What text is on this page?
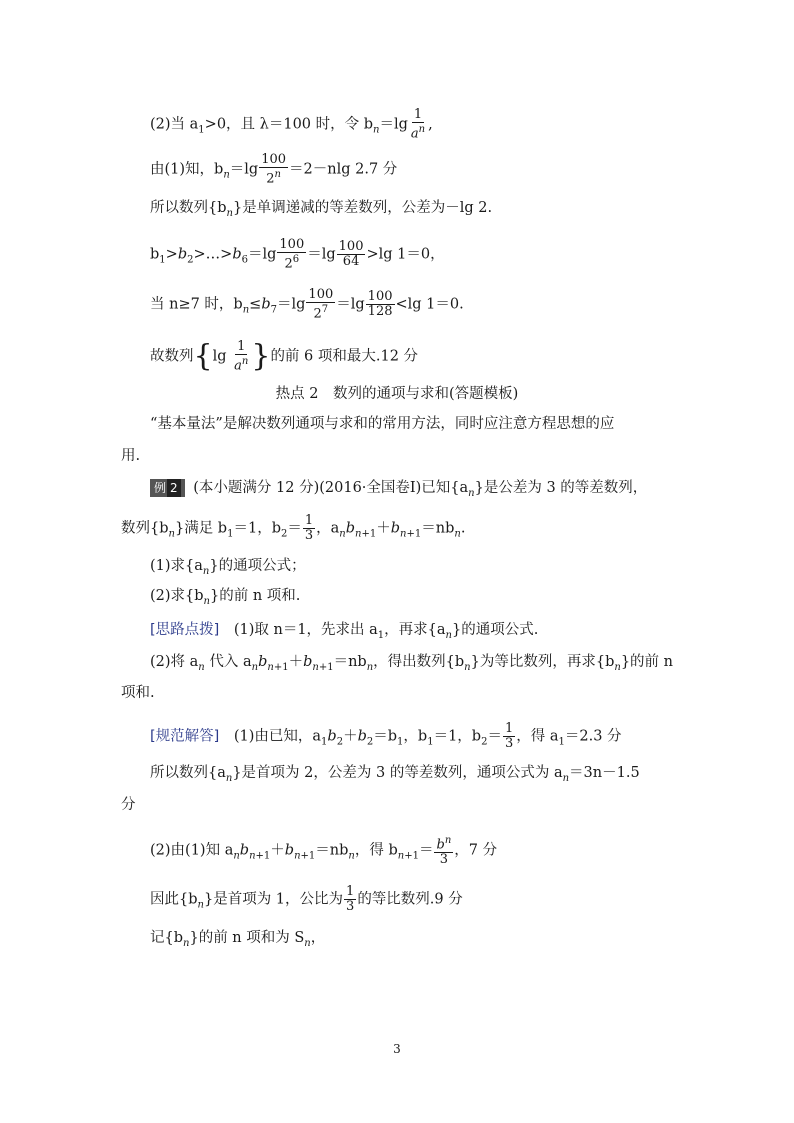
(2)当 $a_1>0$，且 λ＝100 时，令 $b_n=\lg \frac{1}{a^n}$ ,
由(1)知，$b_n=\lg \frac{100}{2^n} =2-nlg$ 2.7 分
所以数列$\{b_n\}$是单调递减的等差数列，公差为－lg 2.
$b_1>b_2>\dots>b_6=\lg \frac{100}{2^6} =\lg \frac{100}{64} >\lg$ 1＝0，
当 n≥7 时，$b_n\le b_7=\lg \frac{100}{2^7} =\lg \frac{100}{128} <\lg$ 1＝0.
故数列{$\lg \frac{1}{a^n}$ }的前 6 项和最大.12 分
热点 2　数列的通项与求和(答题模板)
“基本量法”是解决数列通项与求和的常用方法，同时应注意方程思想的应
用.
例 2 (本小题满分 12 分)(2016·全国卷Ⅰ)已知$\{a_n\}$是公差为 3 的等差数列，
数列$\{b_n\}$满足 $b_1=1$，$b_2= \frac{1}{3}$ ，$a_nb_{n+1}+b_{n+1}=nb_n$.
(1)求$\{a_n\}$的通项公式；
(2)求$\{b_n\}$的前 n 项和.
[思路点拨]　(1)取 n＝1，先求出 $a_1$，再求$\{a_n\}$的通项公式.
(2)将 $a_n$ 代入 $a_nb_{n+1}+b_{n+1}=nb_n$，得出数列$\{b_n\}$为等比数列，再求$\{b_n\}$的前 n
项和.
[规范解答]　(1)由已知，$a_1b_2+b_2=b_1$，$b_1=1$，$b_2= \frac{1}{3}$ ，得 $a_1=2.3$ 分
所以数列$\{a_n\}$是首项为 2，公差为 3 的等差数列，通项公式为 $a_n=3n-1.5$
分
(2)由(1)知 $a_nb_{n+1}+b_{n+1}=nb_n$，得 $b_{n+1}= \frac{b^n}{3}$ ，7 分
因此$\{b_n\}$是首项为 1，公比为 $\frac{1}{3}$ 的等比数列.9 分
记$\{b_n\}$的前 n 项和为 $S_n$，
3
